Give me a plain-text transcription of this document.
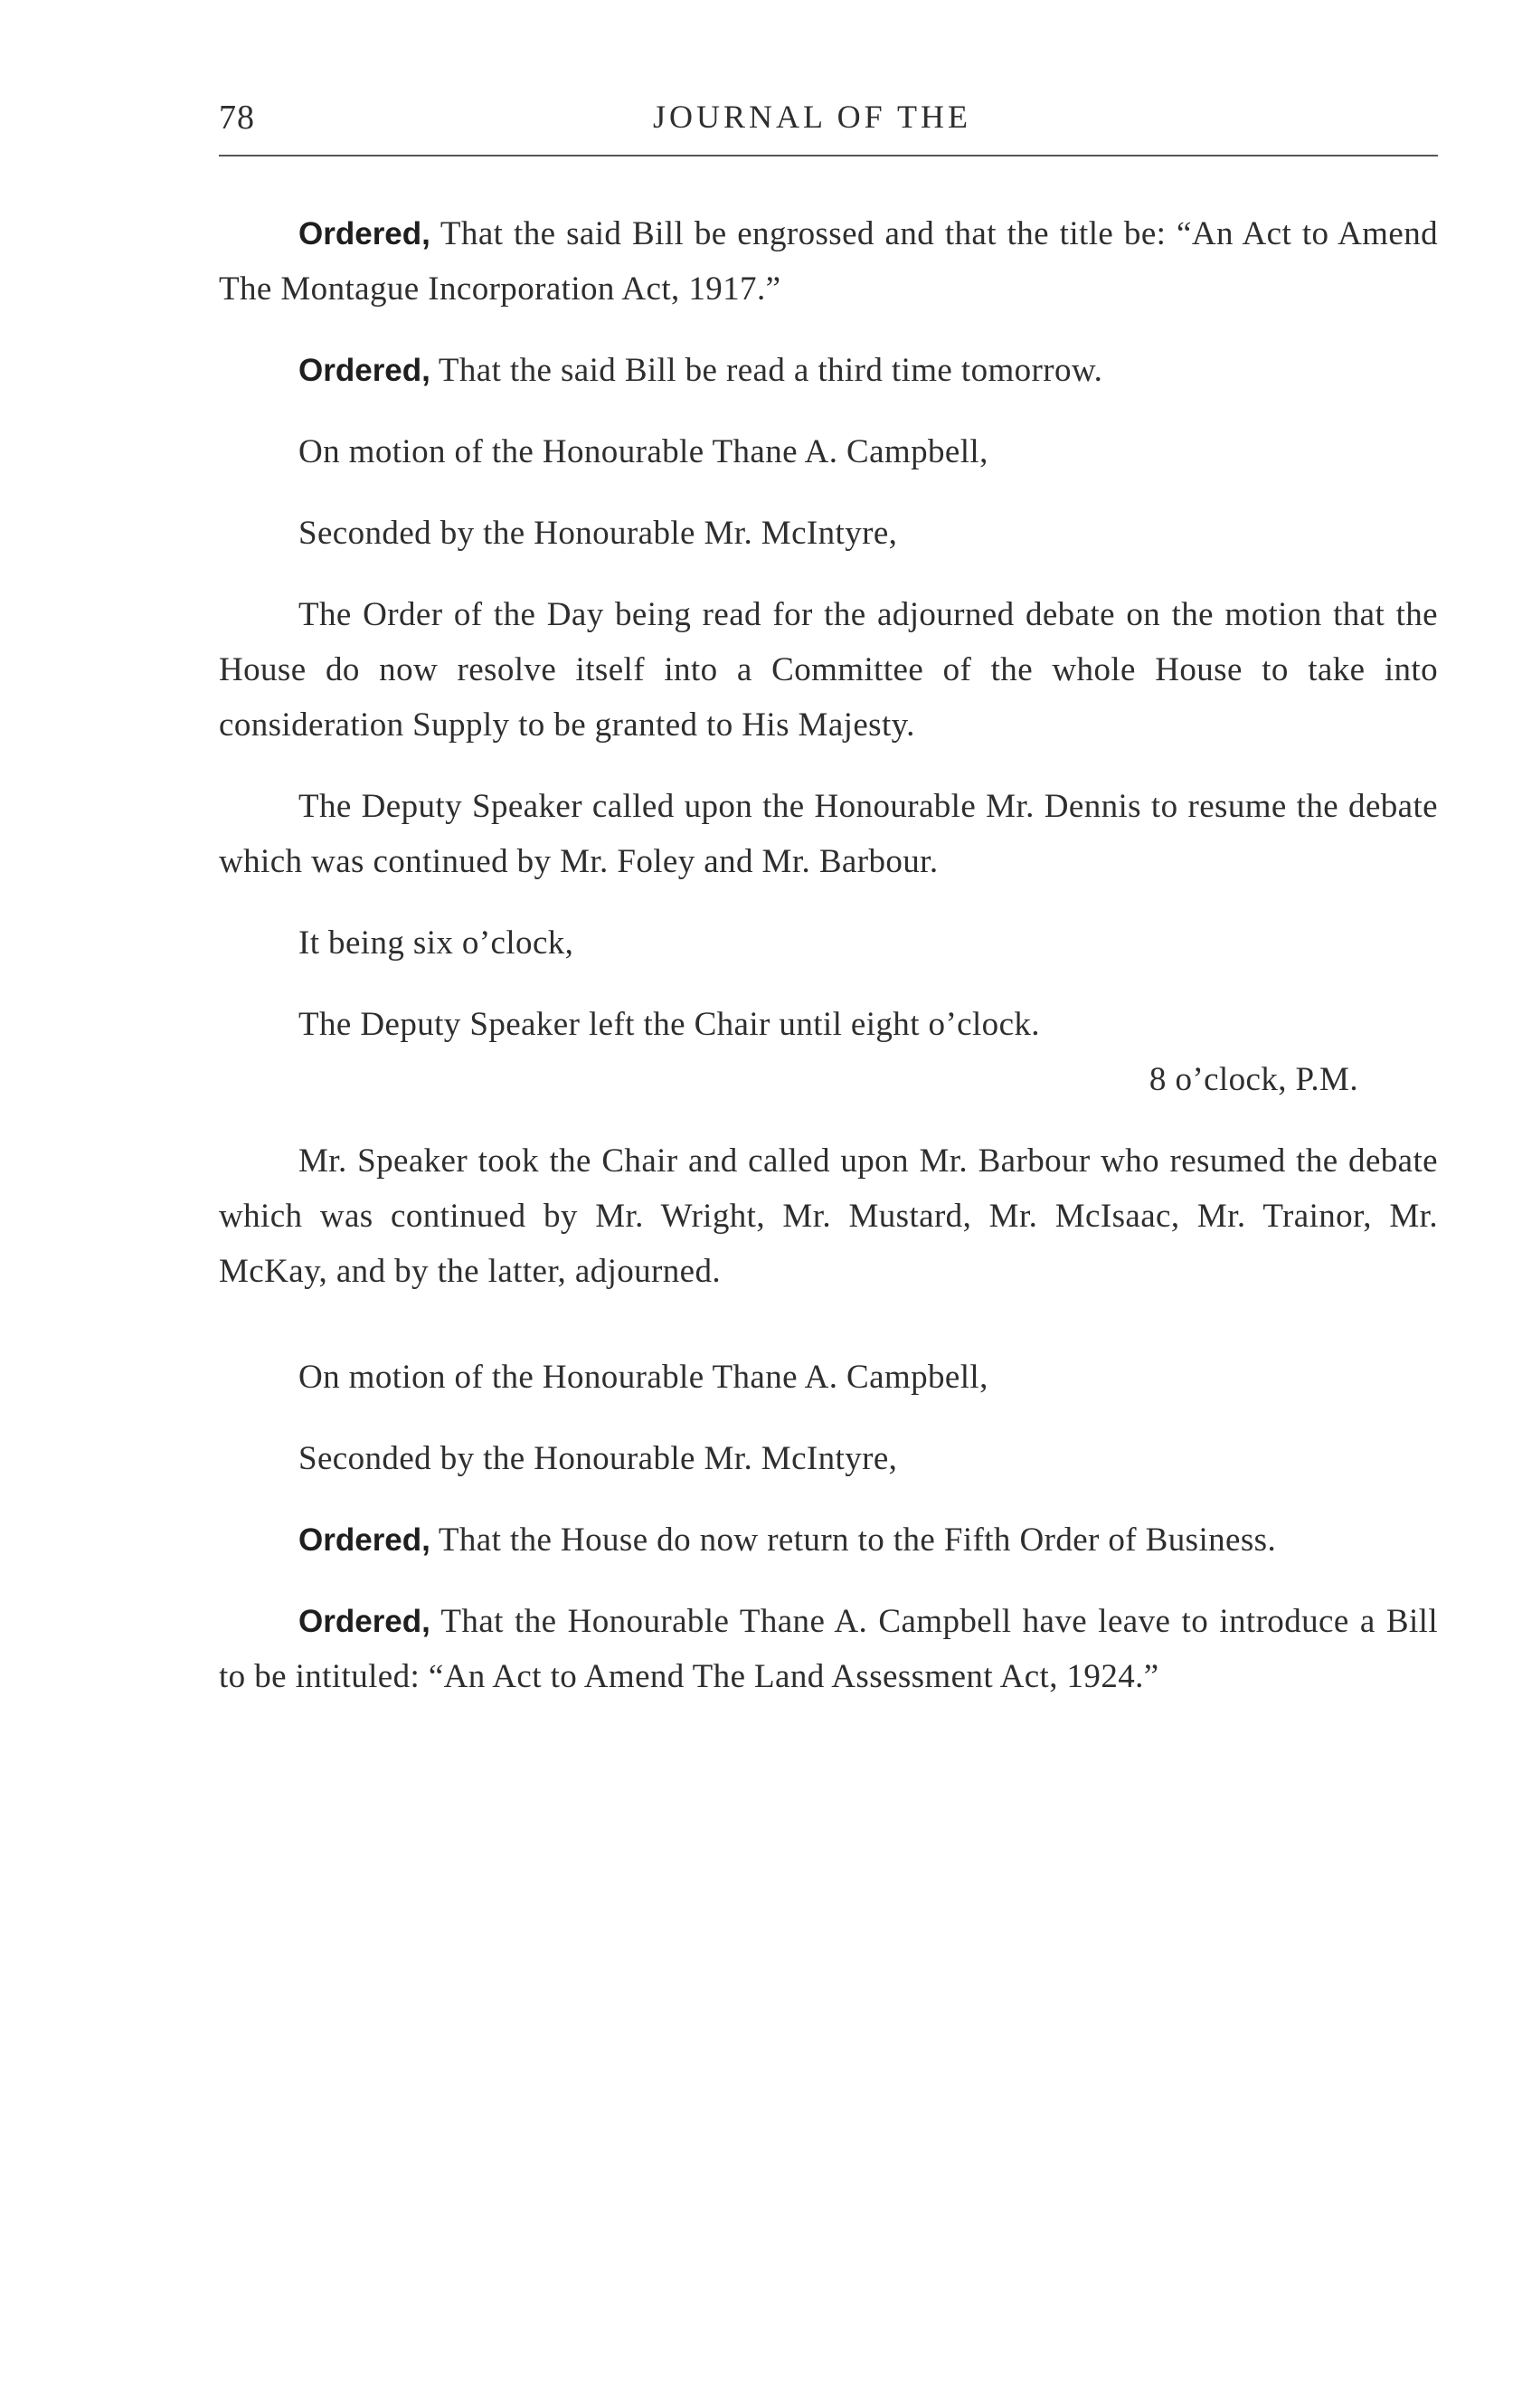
78	JOURNAL OF THE

Ordered, That the said Bill be engrossed and that the title be: “An Act to Amend The Montague Incorporation Act, 1917.”

Ordered, That the said Bill be read a third time tomorrow.

On motion of the Honourable Thane A. Campbell,

Seconded by the Honourable Mr. McIntyre,

The Order of the Day being read for the adjourned debate on the motion that the House do now resolve itself into a Committee of the whole House to take into consideration Supply to be granted to His Majesty.

The Deputy Speaker called upon the Honourable Mr. Dennis to resume the debate which was continued by Mr. Foley and Mr. Barbour.

It being six o’clock,

The Deputy Speaker left the Chair until eight o’clock.

8 o’clock, P.M.

Mr. Speaker took the Chair and called upon Mr. Barbour who resumed the debate which was continued by Mr. Wright, Mr. Mustard, Mr. McIsaac, Mr. Trainor, Mr. McKay, and by the latter, adjourned.

On motion of the Honourable Thane A. Campbell,

Seconded by the Honourable Mr. McIntyre,

Ordered, That the House do now return to the Fifth Order of Business.

Ordered, That the Honourable Thane A. Campbell have leave to introduce a Bill to be intituled: “An Act to Amend The Land Assessment Act, 1924.”
